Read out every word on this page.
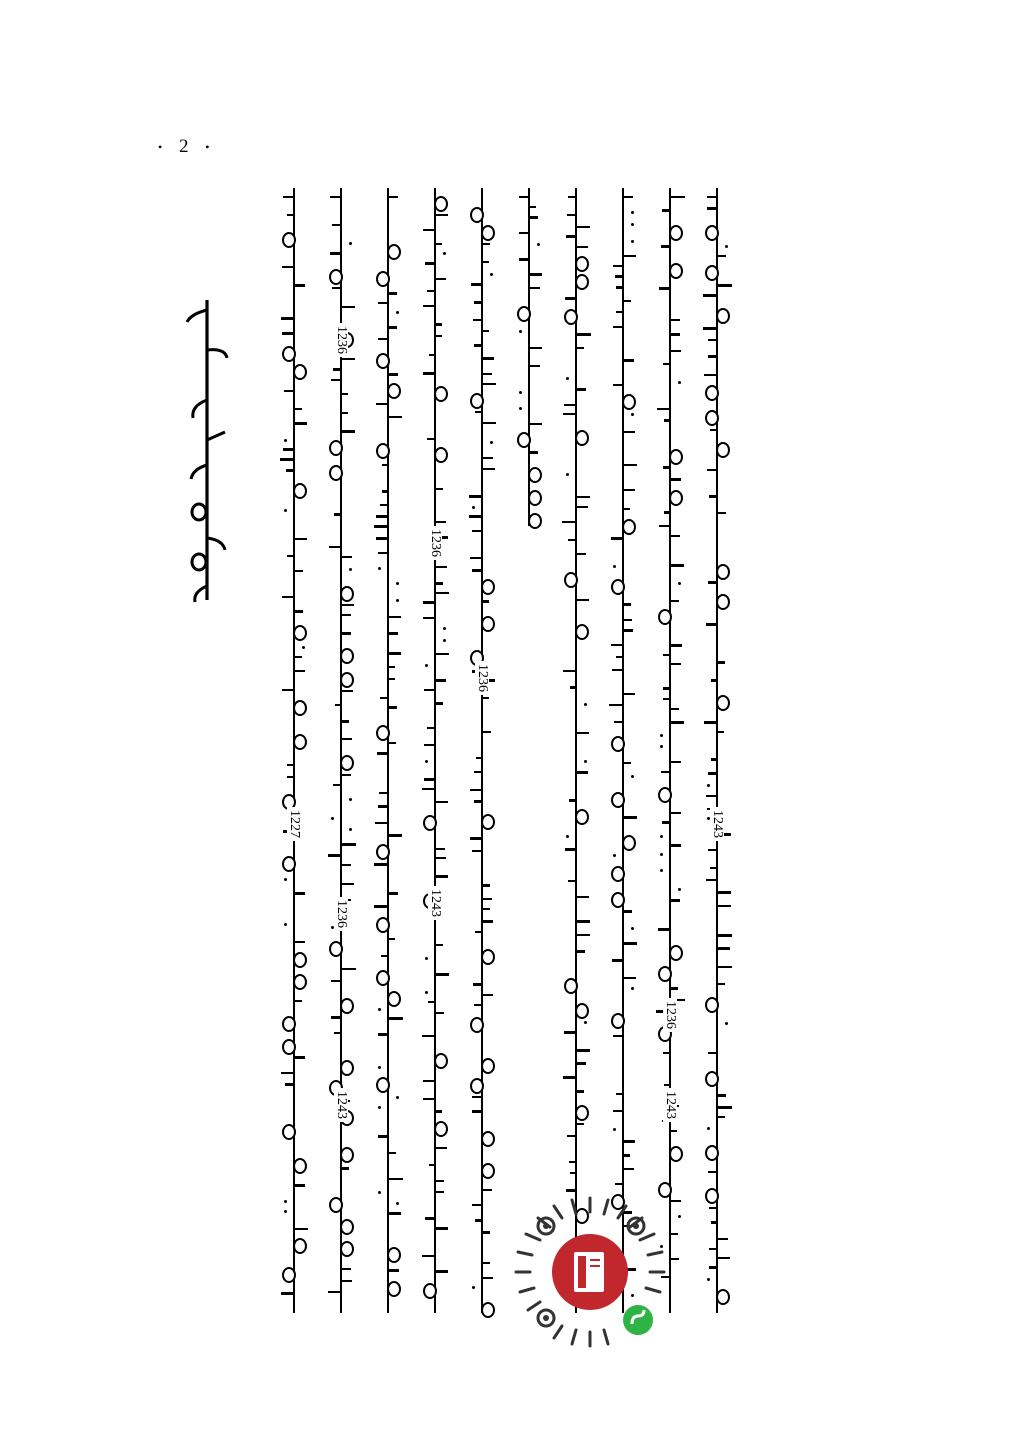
• 2 •
1243
1236
1243
1236
1236
1243
1236
1236
1243
1227
